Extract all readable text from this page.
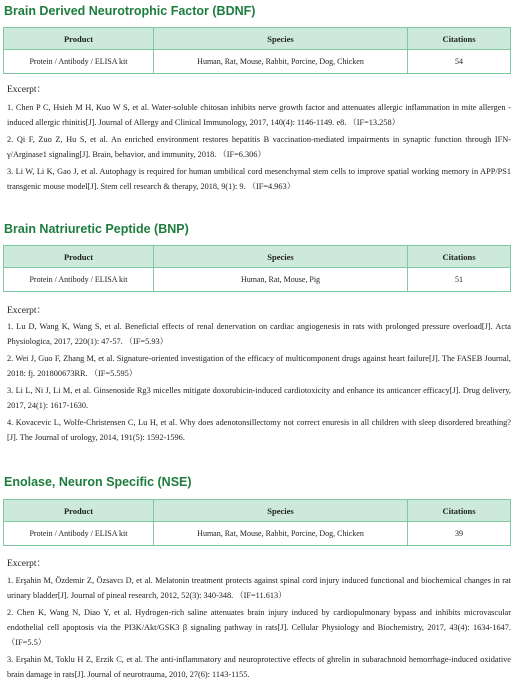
Brain Derived Neurotrophic Factor (BDNF)
Product	Species	Citations
Protein / Antibody / ELISA kit	Human, Rat, Mouse, Rabbit, Porcine, Dog, Chicken	54
Excerpt：

1. Chen P C, Hsieh M H, Kuo W S, et al. Water-soluble chitosan inhibits nerve growth factor and attenuates allergic inflammation in mite allergen - induced allergic rhinitis[J]. Journal of Allergy and Clinical Immunology, 2017, 140(4): 1146-1149. e8. （IF=13.258）

2. Qi F, Zuo Z, Hu S, et al. An enriched environment restores hepatitis B vaccination-mediated impairments in synaptic function through IFN-γ/Arginase1 signaling[J]. Brain, behavior, and immunity, 2018. （IF=6.306）

3. Li W, Li K, Gao J, et al. Autophagy is required for human umbilical cord mesenchymal stem cells to improve spatial working memory in APP/PS1 transgenic mouse model[J]. Stem cell research & therapy, 2018, 9(1): 9. （IF=4.963）

Brain Natriuretic Peptide (BNP)
Product	Species	Citations
Protein / Antibody / ELISA kit	Human, Rat, Mouse, Pig	51
Excerpt：

1. Lu D, Wang K, Wang S, et al. Beneficial effects of renal denervation on cardiac angiogenesis in rats with prolonged pressure overload[J]. Acta Physiologica, 2017, 220(1): 47-57. （IF=5.93）

2. Wei J, Guo F, Zhang M, et al. Signature-oriented investigation of the efficacy of multicomponent drugs against heart failure[J]. The FASEB Journal, 2018: fj. 201800673RR. （IF=5.595）

3. Li L, Ni J, Li M, et al. Ginsenoside Rg3 micelles mitigate doxorubicin-induced cardiotoxicity and enhance its anticancer efficacy[J]. Drug delivery, 2017, 24(1): 1617-1630.

4. Kovacevic L, Wolfe-Christensen C, Lu H, et al. Why does adenotonsillectomy not correct enuresis in all children with sleep disordered breathing?[J]. The Journal of urology, 2014, 191(5): 1592-1596.

Enolase, Neuron Specific (NSE)
Product	Species	Citations
Protein / Antibody / ELISA kit	Human, Rat, Mouse, Rabbit, Porcine, Dog, Chicken	39
Excerpt：

1. Erşahin M, Özdemir Z, Özsavcı D, et al. Melatonin treatment protects against spinal cord injury induced functional and biochemical changes in rat urinary bladder[J]. Journal of pineal research, 2012, 52(3): 340-348. （IF=11.613）

2. Chen K, Wang N, Diao Y, et al. Hydrogen-rich saline attenuates brain injury induced by cardiopulmonary bypass and inhibits microvascular endothelial cell apoptosis via the PI3K/Akt/GSK3 β signaling pathway in rats[J]. Cellular Physiology and Biochemistry, 2017, 43(4): 1634-1647. （IF=5.5）

3. Erşahin M, Toklu H Z, Erzik C, et al. The anti-inflammatory and neuroprotective effects of ghrelin in subarachnoid hemorrhage-induced oxidative brain damage in rats[J]. Journal of neurotrauma, 2010, 27(6): 1143-1155.
